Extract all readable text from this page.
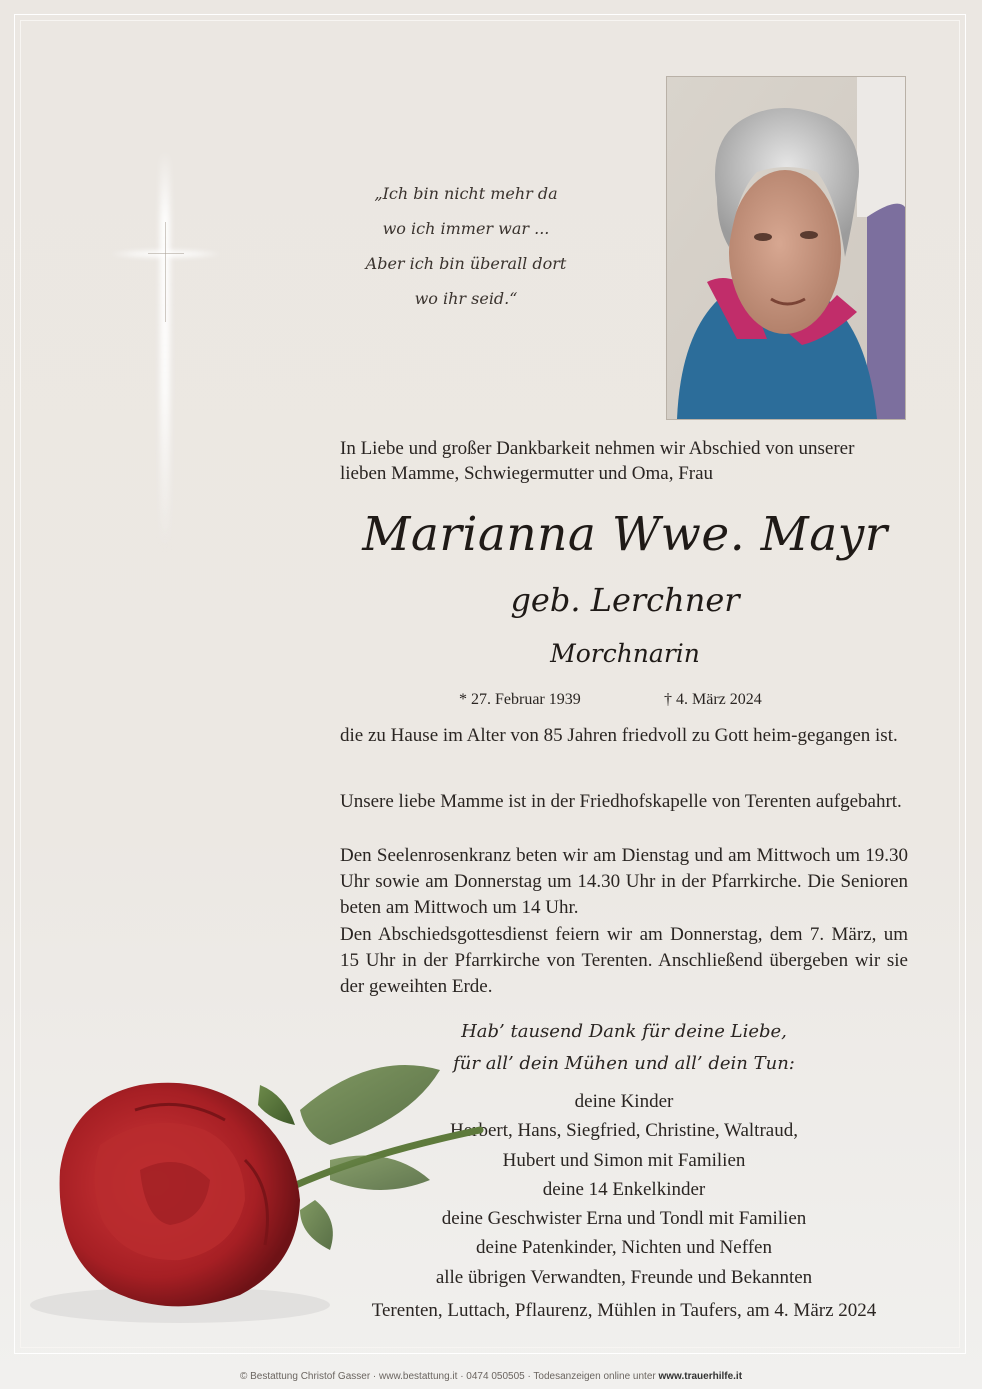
„Ich bin nicht mehr da
wo ich immer war ...
Aber ich bin überall dort
wo ihr seid.“
In Liebe und großer Dankbarkeit nehmen wir Abschied von unserer
lieben Mamme, Schwiegermutter und Oma, Frau
Marianna Wwe. Mayr
geb. Lerchner
Morchnarin
* 27. Februar 1939	† 4. März 2024
die zu Hause im Alter von 85 Jahren friedvoll zu Gott heim-gegangen ist.
Unsere liebe Mamme ist in der Friedhofskapelle von Terenten aufgebahrt.
Den Seelenrosenkranz beten wir am Dienstag und am Mittwoch um 19.30 Uhr sowie am Donnerstag um 14.30 Uhr in der Pfarrkirche. Die Senioren beten am Mittwoch um 14 Uhr.
Den Abschiedsgottesdienst feiern wir am Donnerstag, dem 7. März, um 15 Uhr in der Pfarrkirche von Terenten. Anschließend übergeben wir sie der geweihten Erde.
Hab’ tausend Dank für deine Liebe,
für all’ dein Mühen und all’ dein Tun:
deine Kinder
Herbert, Hans, Siegfried, Christine, Waltraud,
Hubert und Simon mit Familien
deine 14 Enkelkinder
deine Geschwister Erna und Tondl mit Familien
deine Patenkinder, Nichten und Neffen
alle übrigen Verwandten, Freunde und Bekannten
Terenten, Luttach, Pflaurenz, Mühlen in Taufers, am 4. März 2024
© Bestattung Christof Gasser · www.bestattung.it · 0474 050505 · Todesanzeigen online unter www.trauerhilfe.it
